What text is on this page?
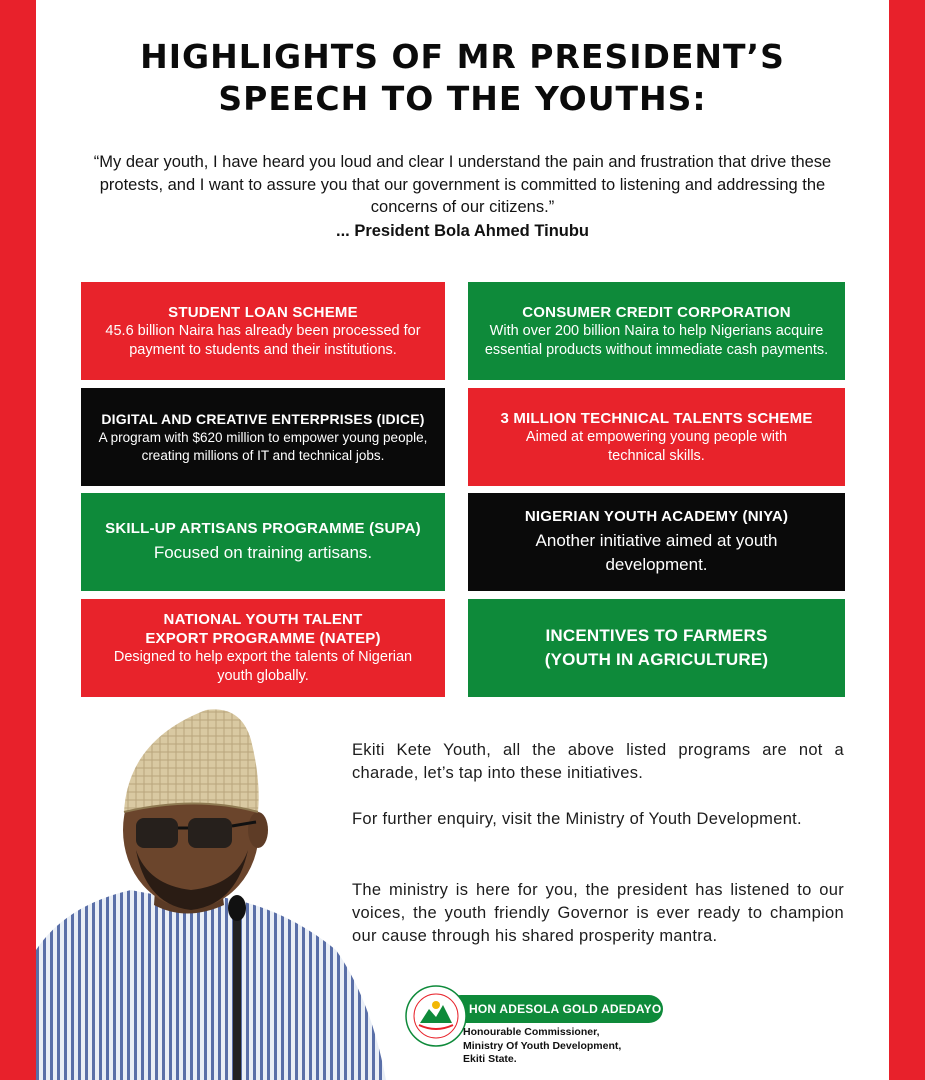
HIGHLIGHTS OF MR PRESIDENT’S
SPEECH TO THE YOUTHS:

“My dear youth, I have heard you loud and clear I understand the pain and frustration that drive these protests, and I want to assure you that our government is committed to listening and addressing the concerns of our citizens.”

... President Bola Ahmed Tinubu

STUDENT LOAN SCHEME
45.6 billion Naira has already been processed for payment to students and their institutions.
CONSUMER CREDIT CORPORATION
With over 200 billion Naira to help Nigerians acquire essential products without immediate cash payments.
DIGITAL AND CREATIVE ENTERPRISES (IDICE)
A program with $620 million to empower young people, creating millions of IT and technical jobs.
3 MILLION TECHNICAL TALENTS SCHEME
Aimed at empowering young people with technical skills.
SKILL-UP ARTISANS PROGRAMME (SUPA)
Focused on training artisans.
NIGERIAN YOUTH ACADEMY (NIYA)
Another initiative aimed at youth development.
NATIONAL YOUTH TALENT EXPORT PROGRAMME (NATEP)
Designed to help export the talents of Nigerian youth globally.
INCENTIVES TO FARMERS (YOUTH IN AGRICULTURE)

Ekiti Kete Youth, all the above listed programs are not a charade, let’s tap into these initiatives.

For further enquiry, visit the Ministry of Youth Development.

The ministry is here for you, the president has listened to our voices, the youth friendly Governor is ever ready to champion our cause through his shared prosperity mantra.

HON ADESOLA GOLD ADEDAYO
Honourable Commissioner,
Ministry Of Youth Development,
Ekiti State.
